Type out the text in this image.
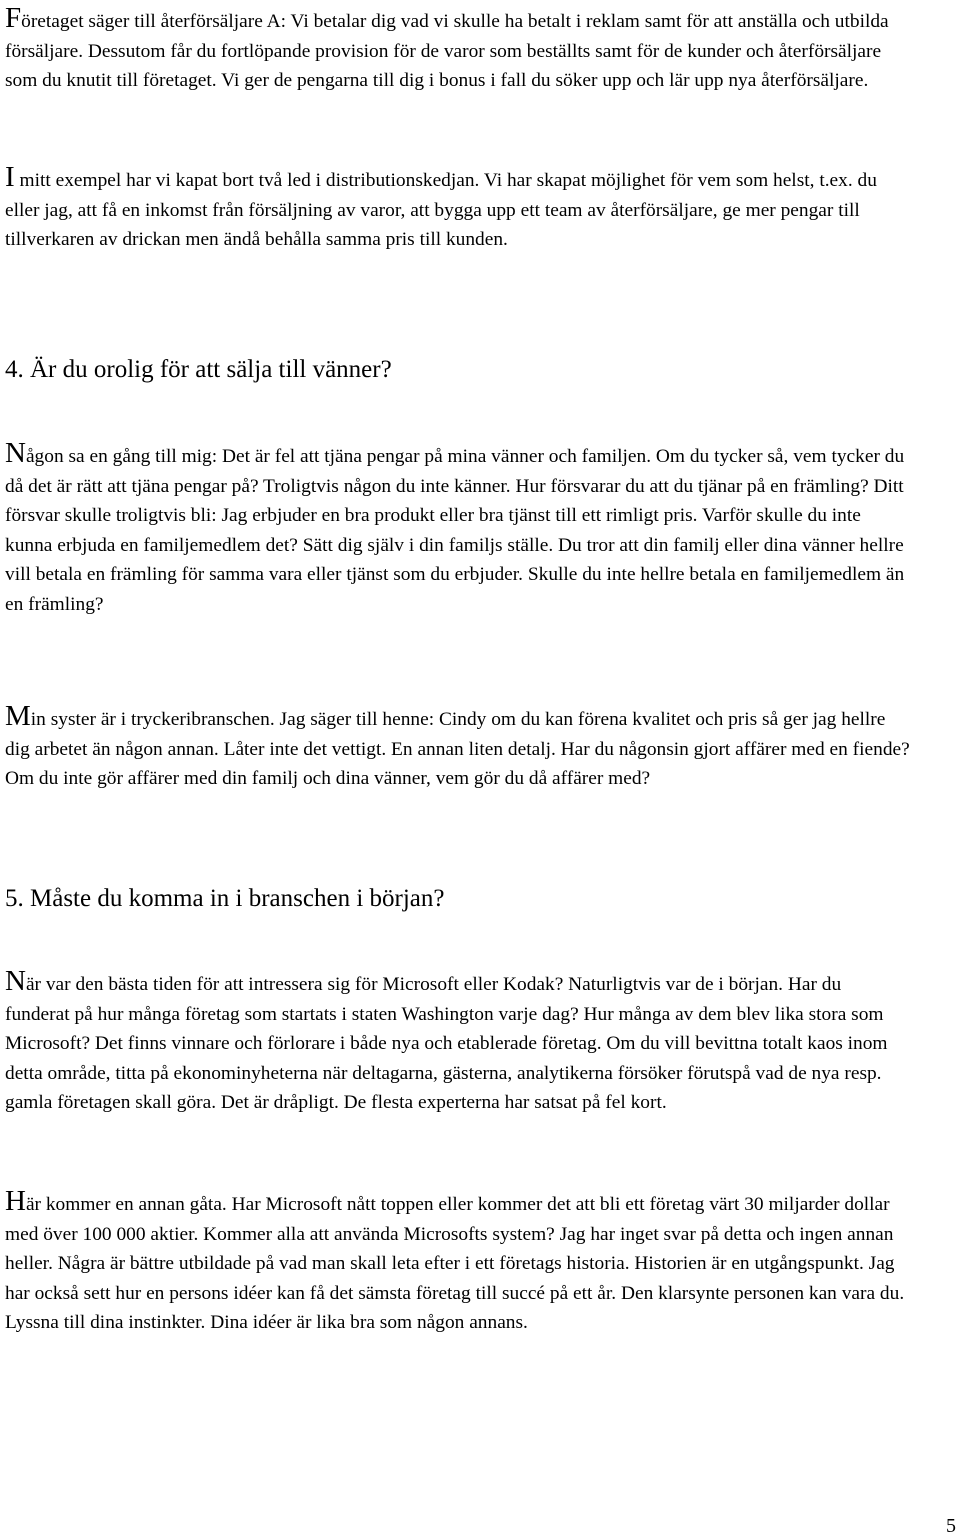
Företaget säger till återförsäljare A: Vi betalar dig vad vi skulle ha betalt i reklam samt för att anställa och utbilda försäljare. Dessutom får du fortlöpande provision för de varor som beställts samt för de kunder och återförsäljare som du knutit till företaget. Vi ger de pengarna till dig i bonus i fall du söker upp och lär upp nya återförsäljare.

I mitt exempel har vi kapat bort två led i distributionskedjan. Vi har skapat möjlighet för vem som helst, t.ex. du eller jag, att få en inkomst från försäljning av varor, att bygga upp ett team av återförsäljare, ge mer pengar till tillverkaren av drickan men ändå behålla samma pris till kunden.

4. Är du orolig för att sälja till vänner?

Någon sa en gång till mig: Det är fel att tjäna pengar på mina vänner och familjen. Om du tycker så, vem tycker du då det är rätt att tjäna pengar på? Troligtvis någon du inte känner. Hur försvarar du att du tjänar på en främling? Ditt försvar skulle troligtvis bli: Jag erbjuder en bra produkt eller bra tjänst till ett rimligt pris. Varför skulle du inte kunna erbjuda en familjemedlem det? Sätt dig själv i din familjs ställe. Du tror att din familj eller dina vänner hellre vill betala en främling för samma vara eller tjänst som du erbjuder. Skulle du inte hellre betala en familjemedlem än en främling?

Min syster är i tryckeribranschen. Jag säger till henne: Cindy om du kan förena kvalitet och pris så ger jag hellre dig arbetet än någon annan. Låter inte det vettigt. En annan liten detalj. Har du någonsin gjort affärer med en fiende? Om du inte gör affärer med din familj och dina vänner, vem gör du då affärer med?

5. Måste du komma in i branschen i början?

När var den bästa tiden för att intressera sig för Microsoft eller Kodak? Naturligtvis var de i början. Har du funderat på hur många företag som startats i staten Washington varje dag? Hur många av dem blev lika stora som Microsoft? Det finns vinnare och förlorare i både nya och etablerade företag. Om du vill bevittna totalt kaos inom detta område, titta på ekonominyheterna när deltagarna, gästerna, analytikerna försöker förutspå vad de nya resp. gamla företagen skall göra. Det är dråpligt. De flesta experterna har satsat på fel kort.

Här kommer en annan gåta. Har Microsoft nått toppen eller kommer det att bli ett företag värt 30 miljarder dollar med över 100 000 aktier. Kommer alla att använda Microsofts system? Jag har inget svar på detta och ingen annan heller. Några är bättre utbildade på vad man skall leta efter i ett företags historia. Historien är en utgångspunkt. Jag har också sett hur en persons idéer kan få det sämsta företag till succé på ett år. Den klarsynte personen kan vara du. Lyssna till dina instinkter. Dina idéer är lika bra som någon annans.

5
